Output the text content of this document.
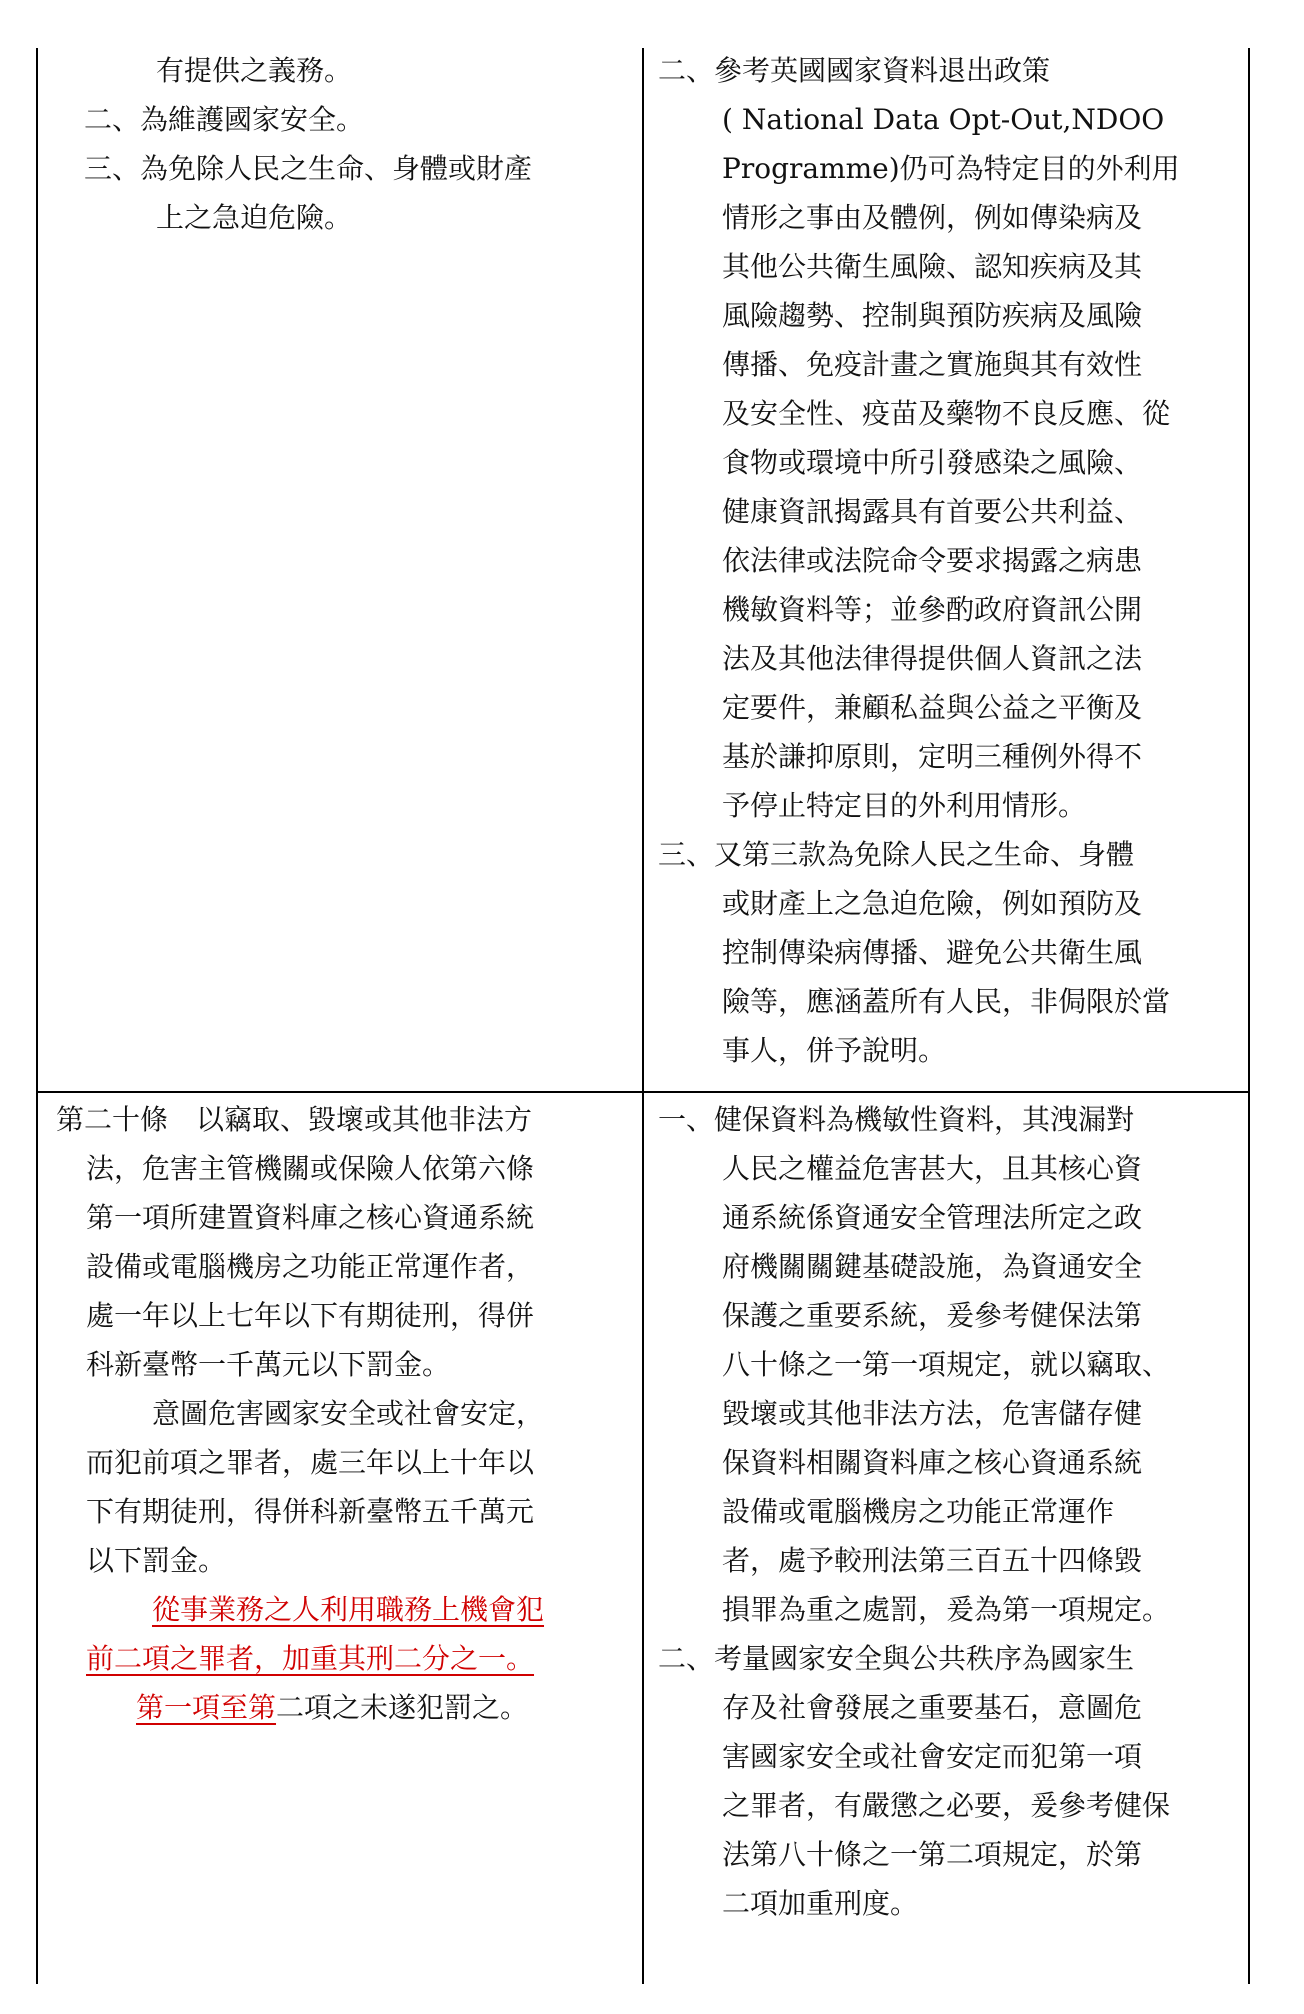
有提供之義務。

二、為維護國家安全。

三、為免除人民之生命、身體或財產

上之急迫危險。

二、參考英國國家資料退出政策

( National Data Opt-Out,NDOO

Programme)仍可為特定目的外利用

情形之事由及體例，例如傳染病及

其他公共衛生風險、認知疾病及其

風險趨勢、控制與預防疾病及風險

傳播、免疫計畫之實施與其有效性

及安全性、疫苗及藥物不良反應、從

食物或環境中所引發感染之風險、

健康資訊揭露具有首要公共利益、

依法律或法院命令要求揭露之病患

機敏資料等；並參酌政府資訊公開

法及其他法律得提供個人資訊之法

定要件，兼顧私益與公益之平衡及

基於謙抑原則，定明三種例外得不

予停止特定目的外利用情形。

三、又第三款為免除人民之生命、身體

或財產上之急迫危險，例如預防及

控制傳染病傳播、避免公共衛生風

險等，應涵蓋所有人民，非侷限於當

事人，併予說明。

第二十條　以竊取、毀壞或其他非法方

法，危害主管機關或保險人依第六條

第一項所建置資料庫之核心資通系統

設備或電腦機房之功能正常運作者，

處一年以上七年以下有期徒刑，得併

科新臺幣一千萬元以下罰金。

意圖危害國家安全或社會安定，

而犯前項之罪者，處三年以上十年以

下有期徒刑，得併科新臺幣五千萬元

以下罰金。

從事業務之人利用職務上機會犯

前二項之罪者，加重其刑二分之一。

第一項至第二項之未遂犯罰之。

一、健保資料為機敏性資料，其洩漏對

人民之權益危害甚大，且其核心資

通系統係資通安全管理法所定之政

府機關關鍵基礎設施，為資通安全

保護之重要系統，爰參考健保法第

八十條之一第一項規定，就以竊取、

毀壞或其他非法方法，危害儲存健

保資料相關資料庫之核心資通系統

設備或電腦機房之功能正常運作

者，處予較刑法第三百五十四條毀

損罪為重之處罰，爰為第一項規定。

二、考量國家安全與公共秩序為國家生

存及社會發展之重要基石，意圖危

害國家安全或社會安定而犯第一項

之罪者，有嚴懲之必要，爰參考健保

法第八十條之一第二項規定，於第

二項加重刑度。
